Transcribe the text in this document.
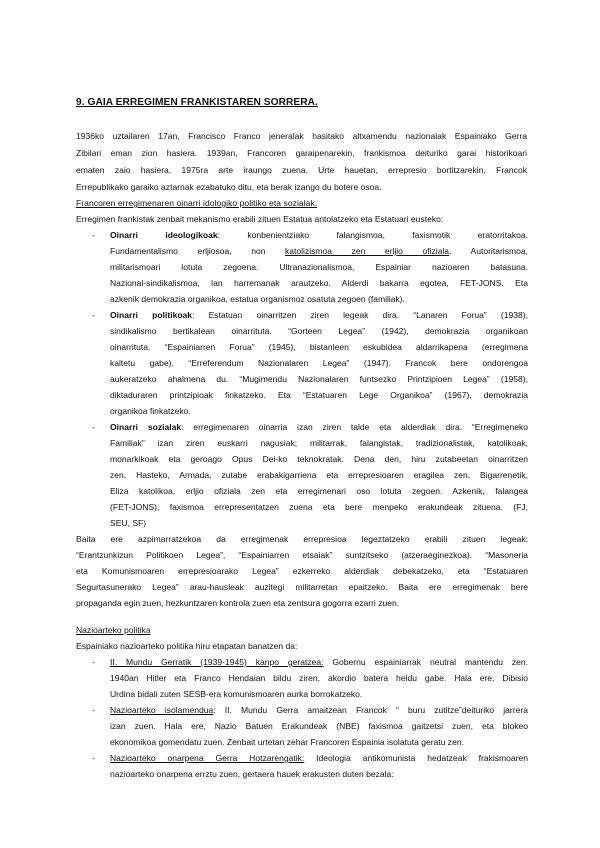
9. GAIA ERREGIMEN FRANKISTAREN SORRERA.
1936ko uztailaren 17an, Francisco Franco jeneralak hasitako altxamendu nazionalak Espainiako Gerra
Zibilari eman zion hasiera. 1939an, Francoren garaipenarekin, frankismoa deituriko garai historikoari
ematen zaio hasiera, 1975ra arte iraungo zuena. Urte hauetan, errepresio bortitzarekin, Francok
Errepublikako garaiko aztarnak ezabatuko ditu, eta berak izango du botere osoa.
Francoren erregimenaren oinarri idologiko politiko eta sozialak.
Erregimen frankistak zenbait mekanismo erabili zituen Estatua antolatzeko eta Estatuari eusteko:
- Oinarri ideologikoak: konbenientziako falangismoa, faxismotik eratorritakoa.
Fundamentalismo erljiosoa, non katolizismoa zen erljio ofiziala. Autoritarismoa,
militarismoari lotuta zegoena. Ultranazionalismoa, Espainiar nazioaren batasuna.
Nazional-sindikalismoa, lan harremanak arautzeko. Alderdi bakarra egotea, FET-JONS. Eta
azkenik demokrazia organikoa, estatua organismoz osatuta zegoen (familiak).
- Oinarri politikoak: Estatuan oinarritzen ziren legeak dira. “Lanaren Forua” (1938),
sindikalismo bertikalean oinarrituta. “Gorteen Legea” (1942), demokrazia organikoan
oinarrituta. “Espainiarren Forua” (1945), bistanleen eskubidea aldarrikapena (erregimena
kaltetu gabe). “Erreferendum Nazionalaren Legea” (1947). Francok bere ondorengoa
aukeratzeko ahalmena du. “Mugimendu Nazionalaren funtsezko Printzipioen Legea” (1958),
diktaduraren printzipioak finkatzeko. Eta “Estatuaren Lege Organikoa” (1967), demokrazia
organikoa finkatzeko.
- Oinarri sozialak: erregimenaren oinarria izan ziren talde eta alderdiak dira. “Erregimeneko
Familiak” izan ziren euskarri nagusiak; militarrak, falangistak, tradizionalistak, katolikoak,
monarkikoak eta geroago Opus Dei-ko teknokratak. Dena den, hiru zutabeetan oinarritzen
zen. Hasteko, Armada, zutabe erabakigarriena eta errepresioaren eragilea zen. Bigarrenetik,
Eliza katolikoa, erljio ofiziala zen eta erregimenari oso lotuta zegoen. Azkenik, falangea
(FET-JONS), faxismoa errepresentatzen zuena eta bere menpeko erakundeak zituena. (FJ,
SEU, SF)
Baita ere azpimarratzekoa da erregimenak errepresioa legeztatzeko erabili zituen legeak:
“Erantzunkizun Politikoen Legea”, “Espainiarren etsaiak” suntzitseko (atzeraeginezkoa). “Masoneria
eta Komunismoaren errepresioarako Legea” ezkerreko alderdiak debekatzeko, eta “Estatuaren
Segurtasunerako Legea” arau-hausleak auzitegi militarretan epaitzeko. Baita ere erregimenak bere
propaganda egin zuen, hezkuntzaren kontrola zuen eta zentsura gogorra ezarri zuen.
Nazioarteko politika
Espainiako nazioarteko politika hiru etapatan banatzen da:
- II. Mundu Gerratik (1939-1945) kanpo geratzea: Gobernu espainiarrak neutral mantendu zen.
1940an Hitler eta Franco Hendaian bildu ziren, akordio batera heldu gabe. Hala ere, Dibisio
Urdina bidali zuten SESB-era komunismoaren aurka borrokatzeko.
- Nazioarteko isolamendua: II. Mundu Gerra amaitzean Francok “ buru zutitze”deituriko jarrera
izan zuen. Hala ere, Nazio Batuen Erakundeak (NBE) faxismoa gaitzetsi zuen, eta blokeo
ekonomikoa gomendatu zuen. Zenbait urtetan zehar Francoren Espainia isolatuta geratu zen.
- Nazioarteko onarpena Gerra Hotzarengatik: Ideologia antikomunista hedatzeak frakismoaren
nazioarteko onarpena errztu zuen, gertaera hauek erakusten duten bezala:
